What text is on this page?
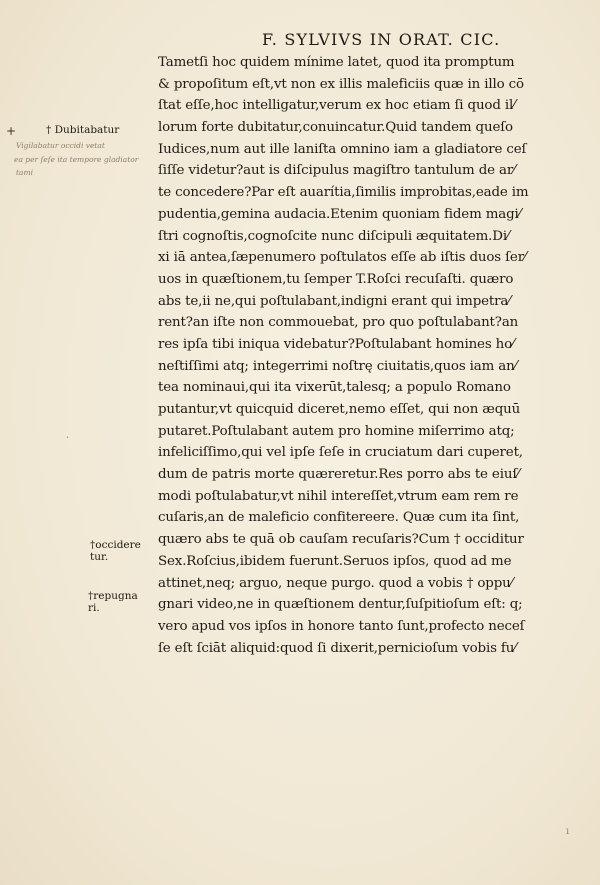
F. SYLVIVS IN ORAT. CIC.
Tametſi hoc quidem mínime latet, quod ita promptum
& propoſitum eſt,vt non ex illis maleficiis quæ in illo cō
ſtat eſſe,hoc intelligatur,verum ex hoc etiam ſi quod il⁄
lorum forte dubitatur,conuincatur.Quid tandem queſo
Iudices,num aut ille laniſta omnino iam a gladiatore ceſ
ſiſſe videtur?aut is diſcipulus magiſtro tantulum de ar⁄
te concedere?Par eſt auarítia,ſimilis improbitas,eade im
pudentia,gemina audacia.Etenim quoniam fidem magi⁄
ſtri cognoſtis,cognoſcite nunc diſcipuli æquitatem.Di⁄
xi iā antea,ſæpenumero poſtulatos eſſe ab iſtis duos ſer⁄
uos in quæſtionem,tu ſemper T.Roſci recuſaſti. quæro
abs te,ii ne,qui poſtulabant,indigni erant qui impetra⁄
rent?an iſte non commouebat, pro quo poſtulabant?an
res ipſa tibi iniqua videbatur?Poſtulabant homines ho⁄
neſtiſſimi atq; integerrimi noſtrę ciuitatis,quos iam an⁄
tea nominaui,qui ita vixerūt,talesq; a populo Romano
putantur,vt quicquid diceret,nemo eſſet, qui non æquū
putaret.Poſtulabant autem pro homine miſerrimo atq;
infeliciſſimo,qui vel ipſe ſeſe in cruciatum dari cuperet,
dum de patris morte quæreretur.Res porro abs te eiuſ⁄
modi poſtulabatur,vt nihil intereſſet,vtrum eam rem re
cuſaris,an de maleficio confitereere. Quæ cum ita ſint,
quæro abs te quā ob cauſam recuſaris?Cum † occiditur
Sex.Roſcius,ibidem fuerunt.Seruos ipſos, quod ad me
attinet,neq; arguo, neque purgo. quod a vobis † oppu⁄
gnari video,ne in quæſtionem dentur,ſuſpitioſum eſt: q;
vero apud vos ipſos in honore tanto ſunt,profecto neceſ
ſe eſt ſciāt aliquid:quod ſi dixerit,pernicioſum vobis fu⁄
† Dubitabatur
†occidere tur.
†repugna ri.
Vigilabatur occidi vetat
ea per ſeſe ita tempore gladiator
tami
+
·
ı
